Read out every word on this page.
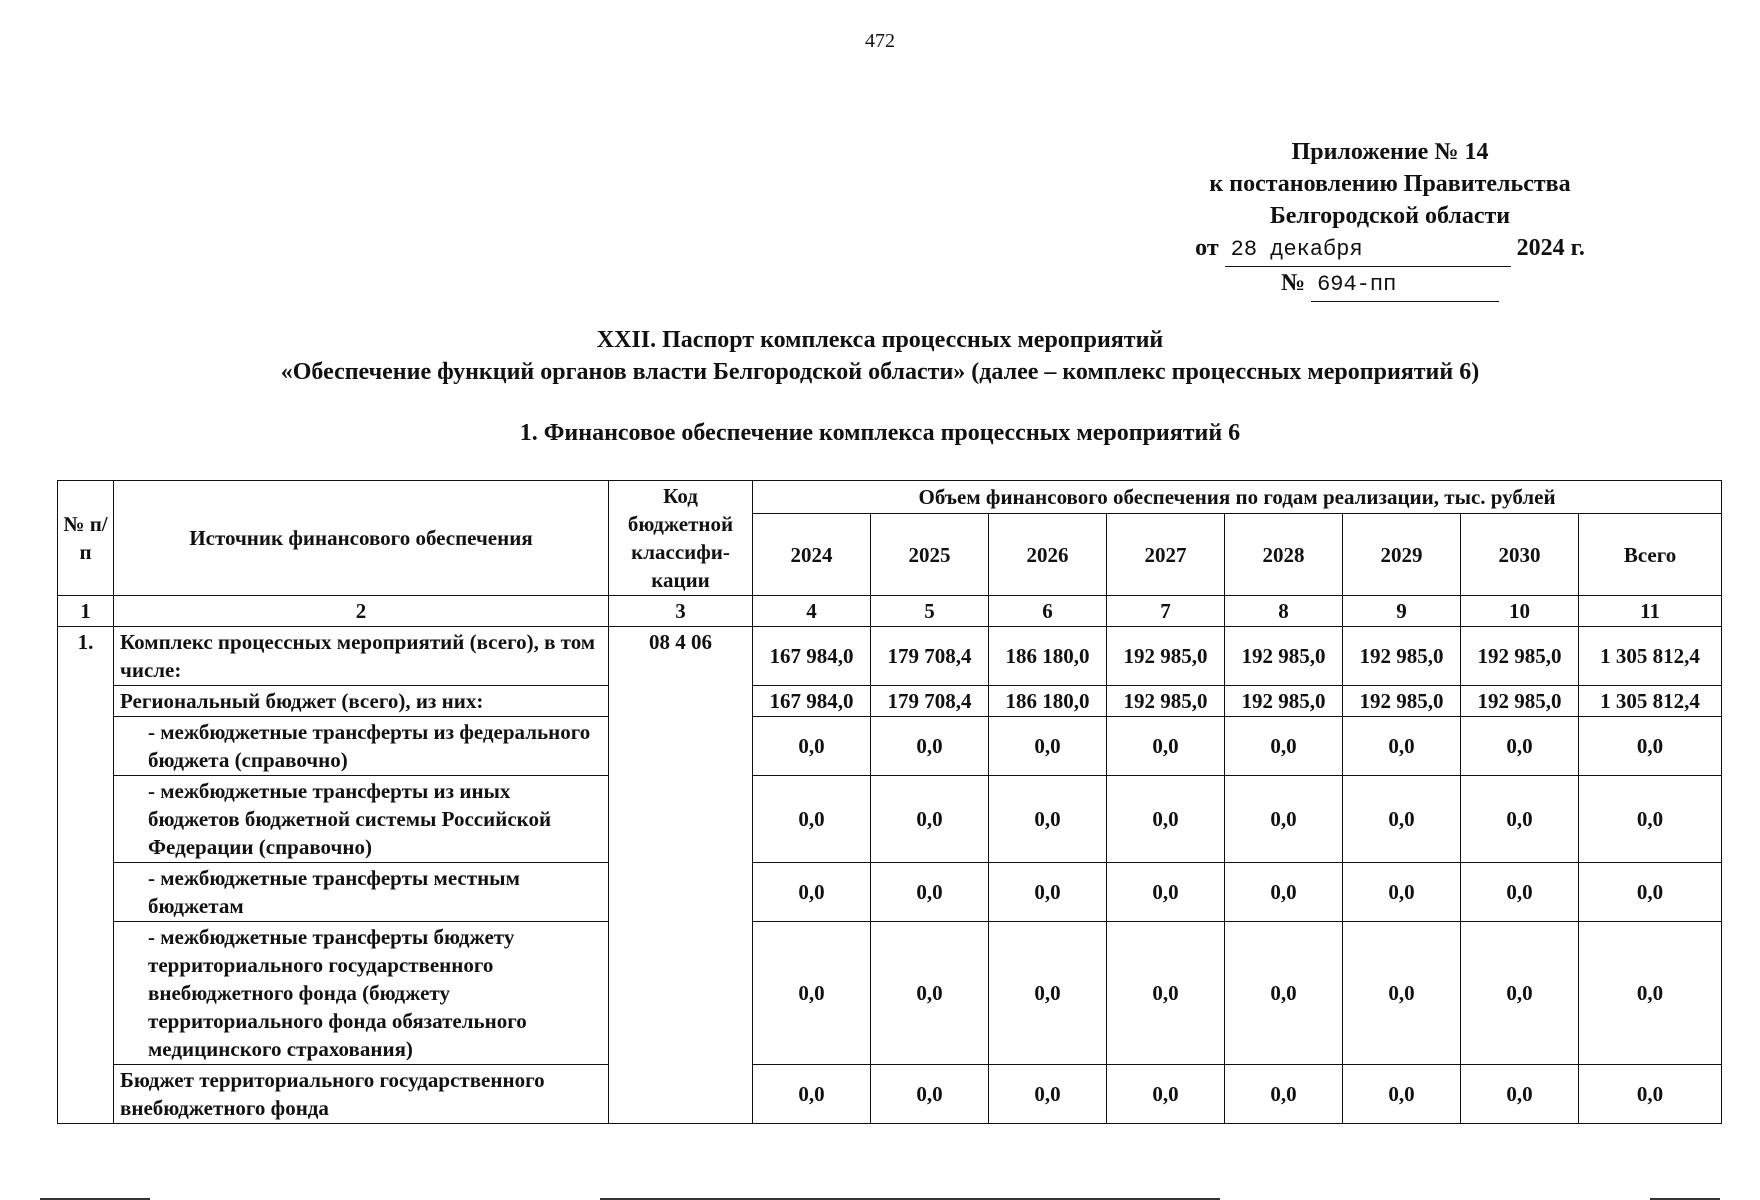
472
Приложение № 14
к постановлению Правительства
Белгородской области
от 28 декабря	2024 г.
№ 694-пп
XXII. Паспорт комплекса процессных мероприятий
«Обеспечение функций органов власти Белгородской области» (далее – комплекс процессных мероприятий 6)
1. Финансовое обеспечение комплекса процессных мероприятий 6
№ п/п	Источник финансового обеспечения	Код бюджетной классифи-кации	Объем финансового обеспечения по годам реализации, тыс. рублей							
			2024	2025	2026	2027	2028	2029	2030	Всего
1	2	3	4	5	6	7	8	9	10	11
1.	Комплекс процессных мероприятий (всего), в том числе:	08 4 06	167 984,0	179 708,4	186 180,0	192 985,0	192 985,0	192 985,0	192 985,0	1 305 812,4
	Региональный бюджет (всего), из них:		167 984,0	179 708,4	186 180,0	192 985,0	192 985,0	192 985,0	192 985,0	1 305 812,4
	- межбюджетные трансферты из федерального бюджета (справочно)		0,0	0,0	0,0	0,0	0,0	0,0	0,0	0,0
	- межбюджетные трансферты из иных бюджетов бюджетной системы Российской Федерации (справочно)		0,0	0,0	0,0	0,0	0,0	0,0	0,0	0,0
	- межбюджетные трансферты местным бюджетам		0,0	0,0	0,0	0,0	0,0	0,0	0,0	0,0
	- межбюджетные трансферты бюджету территориального государственного внебюджетного фонда (бюджету территориального фонда обязательного медицинского страхования)		0,0	0,0	0,0	0,0	0,0	0,0	0,0	0,0
	Бюджет территориального государственного внебюджетного фонда		0,0	0,0	0,0	0,0	0,0	0,0	0,0	0,0
